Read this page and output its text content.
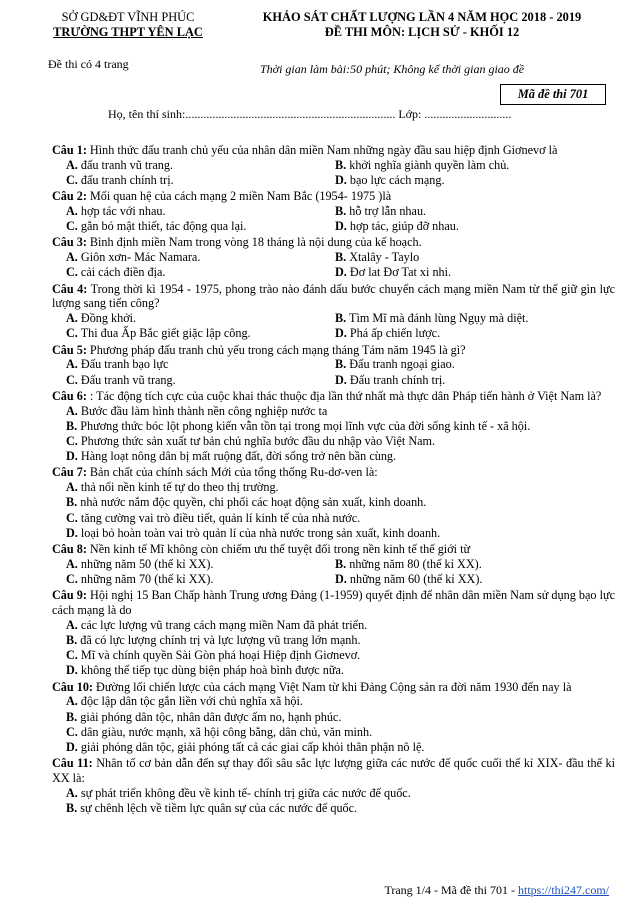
SỞ GD&ĐT VĨNH PHÚC
TRƯỜNG THPT YÊN LẠC
KHẢO SÁT CHẤT LƯỢNG LẦN 4 NĂM HỌC 2018 - 2019
ĐỀ THI MÔN: LỊCH SỬ - KHỐI 12
Đề thi có 4 trang	Thời gian làm bài:50 phút; Không kể thời gian giao đề
Mã đề thi 701
Họ, tên thí sinh:...................................................................... Lớp: .............................
Câu 1: Hình thức đấu tranh chủ yếu của nhân dân miền Nam những ngày đầu sau hiệp định Giơnevơ là
A. đấu tranh vũ trang.	B. khởi nghĩa giành quyền làm chủ.
C. đấu tranh chính trị.	D. bạo lực cách mạng.
Câu 2: Mối quan hệ của cách mạng 2 miền Nam Bắc (1954- 1975 )là
A. hợp tác với nhau.	B. hỗ trợ lẫn nhau.
C. gắn bó mật thiết, tác động qua lại.	D. hợp tác, giúp đỡ nhau.
Câu 3: Bình định miền Nam trong vòng 18 tháng là nội dung của kế hoạch.
A. Giôn xơn- Mác Namara.	B. Xtalây - Taylo
C. cải cách điền địa.	D. Đơ lat Đơ Tat xi nhi.
Câu 4: Trong thời kì 1954 - 1975, phong trào nào đánh dấu bước chuyển cách mạng miền Nam từ thế giữ gìn lực lượng sang tiến công?
A. Đồng khởi.	B. Tìm Mĩ mà đánh lùng Ngụy mà diệt.
C. Thi đua Ấp Bắc giết giặc lập công.	D. Phá ấp chiến lược.
Câu 5: Phương pháp đấu tranh chủ yếu trong cách mạng tháng Tám năm 1945 là gì?
A. Đấu tranh bạo lực	B. Đấu tranh ngoại giao.
C. Đấu tranh vũ trang.	D. Đấu tranh chính trị.
Câu 6: : Tác động tích cực của cuộc khai thác thuộc địa lần thứ nhất mà thực dân Pháp tiến hành ở Việt Nam là?
A. Bước đầu làm hình thành nền công nghiệp nước ta
B. Phương thức bóc lột phong kiến vẫn tồn tại trong mọi lĩnh vực của đời sống kinh tế - xã hội.
C. Phương thức sản xuất tư bản chủ nghĩa bước đầu du nhập vào Việt Nam.
D. Hàng loạt nông dân bị mất ruộng đất, đời sống trở nên bần cùng.
Câu 7: Bản chất của chính sách Mới của tổng thống Ru-dơ-ven là:
A. thả nổi nền kinh tế tự do theo thị trường.
B. nhà nước nắm độc quyền, chi phối các hoạt động sản xuất, kinh doanh.
C. tăng cường vai trò điều tiết, quản lí kinh tế của nhà nước.
D. loại bỏ hoàn toàn vai trò quản lí của nhà nước trong sản xuất, kinh doanh.
Câu 8: Nền kinh tế Mĩ không còn chiếm ưu thế tuyệt đối trong nền kinh tế thế giới từ
A. những năm 50 (thế kỉ XX).	B. những năm 80 (thế kỉ XX).
C. những năm 70 (thế kỉ XX).	D. những năm 60 (thế kỉ XX).
Câu 9: Hội nghị 15 Ban Chấp hành Trung ương Đảng (1-1959) quyết định để nhân dân miền Nam sử dụng bạo lực cách mạng là do
A. các lực lượng vũ trang cách mạng miền Nam đã phát triển.
B. đã có lực lượng chính trị và lực lượng vũ trang lớn mạnh.
C. Mĩ và chính quyền Sài Gòn phá hoại Hiệp định Giơnevơ.
D. không thể tiếp tục dùng biện pháp hoà bình được nữa.
Câu 10: Đường lối chiến lược của cách mạng Việt Nam từ khi Đảng Cộng sản ra đời năm 1930 đến nay là
A. độc lập dân tộc gắn liền với chủ nghĩa xã hội.
B. giải phóng dân tộc, nhân dân được ấm no, hạnh phúc.
C. dân giàu, nước mạnh, xã hội công bằng, dân chủ, văn minh.
D. giải phóng dân tộc, giải phóng tất cả các giai cấp khỏi thân phận nô lệ.
Câu 11: Nhân tố cơ bản dẫn đến sự thay đổi sâu sắc lực lượng giữa các nước đế quốc cuối thế kỉ XIX- đầu thế kỉ XX là:
A. sự phát triển không đều về kinh tế- chính trị giữa các nước đế quốc.
B. sự chênh lệch về tiềm lực quân sự của các nước đế quốc.
Trang 1/4 - Mã đề thi 701 - https://thi247.com/
